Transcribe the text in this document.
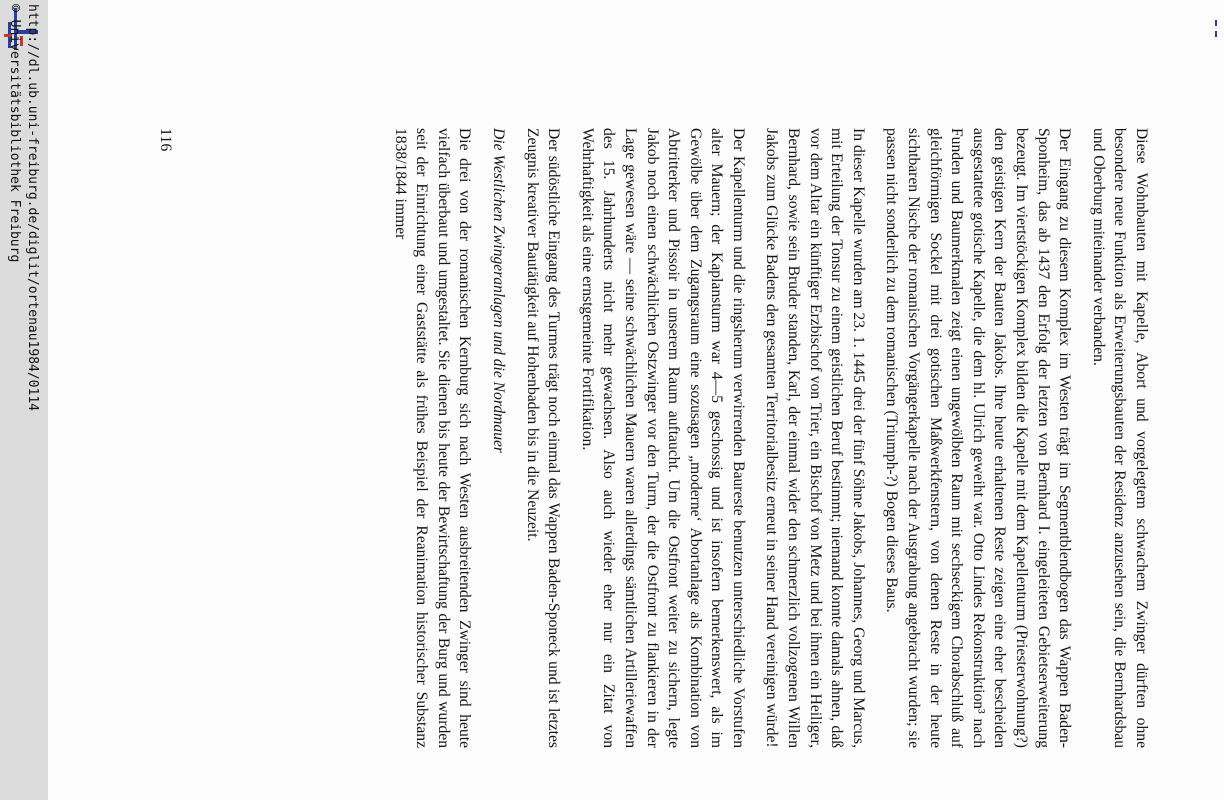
http://dl.ub.uni-freiburg.de/diglit/ortenau1984/0114
© Universitätsbibliothek Freiburg	Diese Wohnbauten mit Kapelle, Abort und vorgelegtem schwachem Zwinger dürften ohne besondere neue Funktion als Erweiterungsbauten der Residenz anzusehen sein, die Bernhardsbau und Oberburg miteinander verbanden.

Der Eingang zu diesem Komplex im Westen trägt im Segmentblendbogen das Wappen Baden-Sponheim, das ab 1437 den Erfolg der letzten von Bernhard I. eingeleiteten Gebietserweiterung bezeugt. Im viertstöckigen Komplex bilden die Kapelle mit dem Kapellenturm (Priesterwohnung?) den geistigen Kern der Bauten Jakobs. Ihre heute erhaltenen Reste zeigen eine eher bescheiden ausgestattete gotische Kapelle, die dem hl. Ulrich geweiht war. Otto Lindes Rekonstruktion³ nach Funden und Baumerkmalen zeigt einen ungewölbten Raum mit sechseckigem Chorabschluß auf gleichförmigen Sockel mit drei gotischen Maßwerkfenstern, von denen Reste in der heute sichtbaren Nische der romanischen Vorgängerkapelle nach der Ausgrabung angebracht wurden; sie passen nicht sonderlich zu dem romanischen (Triumph-?) Bogen dieses Baus.

In dieser Kapelle wurden am 23. 1. 1445 drei der fünf Söhne Jakobs, Johannes, Georg und Marcus, mit Erteilung der Tonsur zu einem geistlichen Beruf bestimmt; niemand konnte damals ahnen, daß vor dem Altar ein künftiger Erzbischof von Trier, ein Bischof von Metz und bei ihnen ein Heiliger, Bernhard, sowie sein Bruder standen, Karl, der einmal wider den schmerzlich vollzogenen Willen Jakobs zum Glücke Badens den gesamten Territorialbesitz erneut in seiner Hand vereinigen würde!

Der Kapellenturm und die ringsherum verwirrenden Baureste benutzen unterschiedliche Vorstufen alter Mauern; der Kaplansturm war 4—5 geschossig und ist insofern bemerkenswert, als im Gewölbe über dem Zugangsraum eine sozusagen „moderne‘ Abortanlage als Kombination von Abtritterker und Pissoir in unserem Raum auftaucht. Um die Ostfront weiter zu sichern, legte Jakob noch einen schwächlichen Ostzwinger vor den Turm, der die Ostfront zu flankieren in der Lage gewesen wäre — seine schwächlichen Mauern waren allerdings sämtlichen Artilleriewaffen des 15. Jahrhunderts nicht mehr gewachsen. Also auch wieder eher nur ein Zitat von Wehrhaftigkeit als eine ernstgemeinte Fortifikation.

Der südöstliche Eingang des Turmes trägt noch einmal das Wappen Baden-Sponeck und ist letztes Zeugnis kreativer Bautätigkeit auf Hohenbaden bis in die Neuzeit.

Die Westlichen Zwingeranlagen und die Nordmauer

Die drei von der romanischen Kernburg sich nach Westen ausbreitenden Zwinger sind heute vielfach überbaut und umgestaltet. Sie dienen bis heute der Bewirtschaftung der Burg und wurden seit der Einrichtung einer Gaststätte als frühes Beispiel der Reanimation historischer Substanz 1838/1844 immer

116
